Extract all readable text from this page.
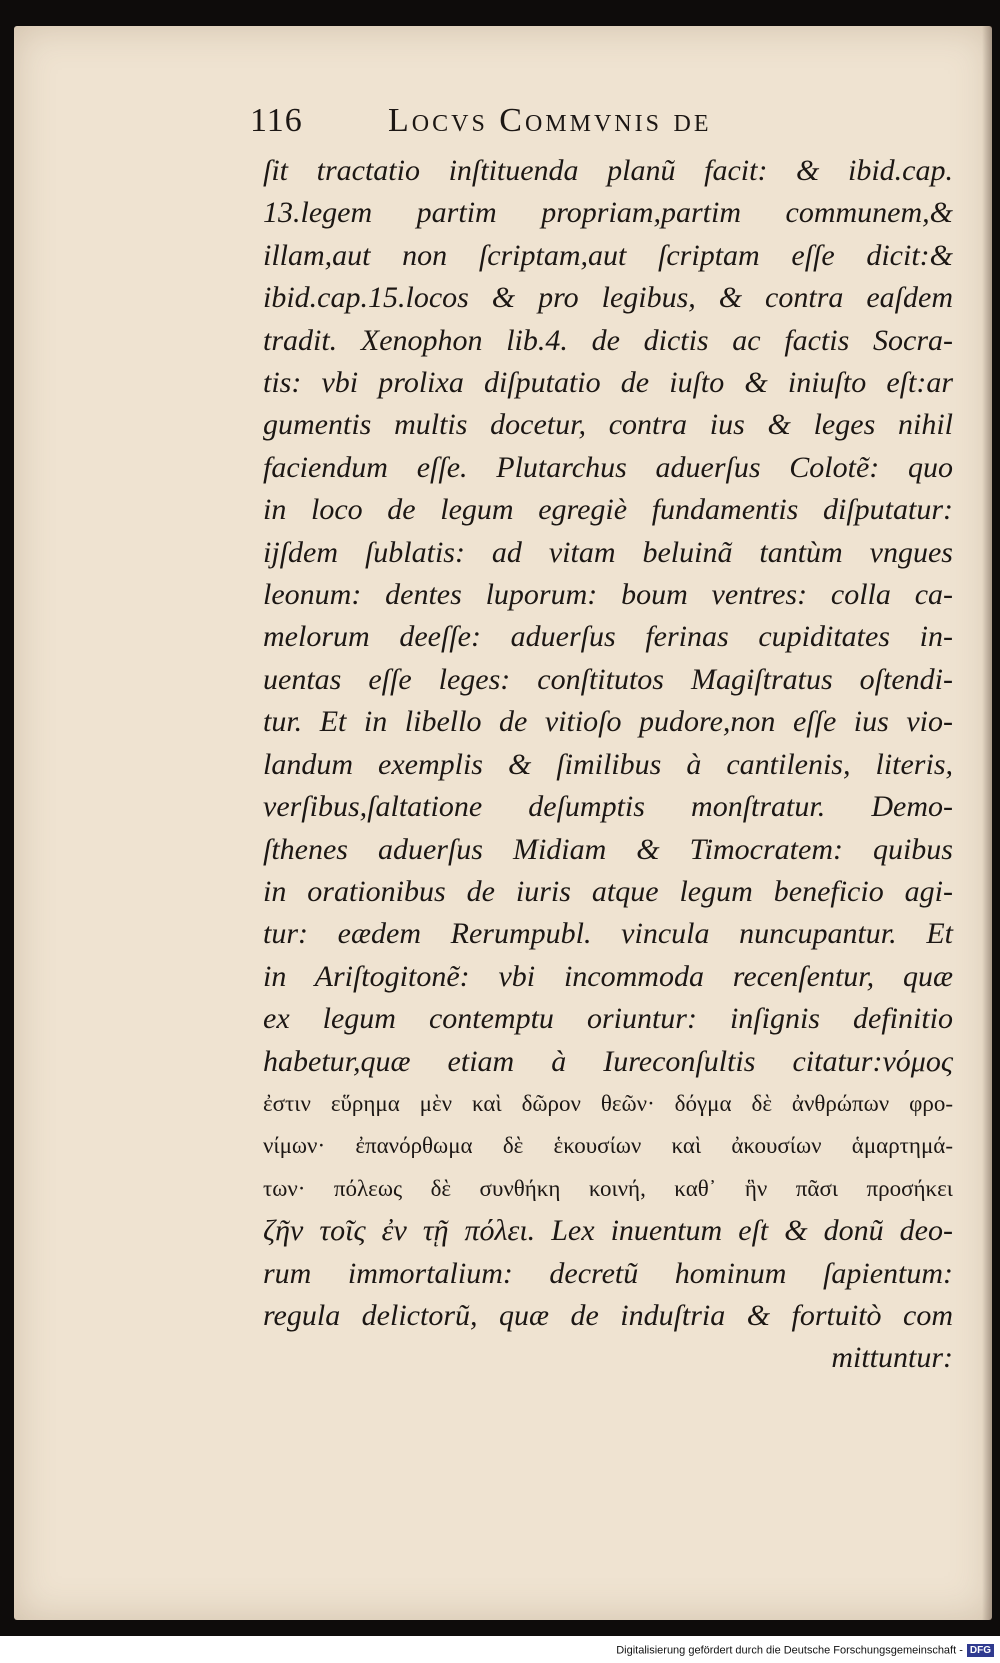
116	Locvs Commvnis de
ſit tractatio inſtituenda planũ facit: & ibid.cap.
13.legem partim propriam,partim communem,&
illam,aut non ſcriptam,aut ſcriptam eſſe dicit:&
ibid.cap.15.locos & pro legibus, & contra eaſdem
tradit. Xenophon lib.4. de dictis ac factis Socra-
tis: vbi prolixa diſputatio de iuſto & iniuſto eſt:ar
gumentis multis docetur, contra ius & leges nihil
faciendum eſſe. Plutarchus aduerſus Colotẽ: quo
in loco de legum egregiè fundamentis diſputatur:
ijſdem ſublatis: ad vitam beluinã tantùm vngues
leonum: dentes luporum: boum ventres: colla ca-
melorum deeſſe: aduerſus ferinas cupiditates in-
uentas eſſe leges: conſtitutos Magiſtratus oſtendi-
tur. Et in libello de vitioſo pudore,non eſſe ius vio-
landum exemplis & ſimilibus à cantilenis, literis,
verſibus,ſaltatione deſumptis monſtratur. Demo-
ſthenes aduerſus Midiam & Timocratem: quibus
in orationibus de iuris atque legum beneficio agi-
tur: eædem Rerumpubl. vincula nuncupantur. Et
in Ariſtogitonẽ: vbi incommoda recenſentur, quæ
ex legum contemptu oriuntur: inſignis definitio
habetur,quæ etiam à Iureconſultis citatur:νόμος
ἐστιν εὕρημα μὲν καὶ δῶρον θεῶν· δόγμα δὲ ἀνθρώπων φρο-
νίμων· ἐπανόρθωμα δὲ ἑκουσίων καὶ ἀκουσίων ἁμαρτημά-
των· πόλεως δὲ συνθήκη κοινή, καθ᾽ ἣν πᾶσι προσήκει
ζῆν τοῖς ἐν τῇ πόλει. Lex inuentum eſt & donũ deo-
rum immortalium: decretũ hominum ſapientum:
regula delictorũ, quæ de induſtria & fortuitò com
mittuntur:
Digitalisierung gefördert durch die Deutsche Forschungsgemeinschaft - DFG
